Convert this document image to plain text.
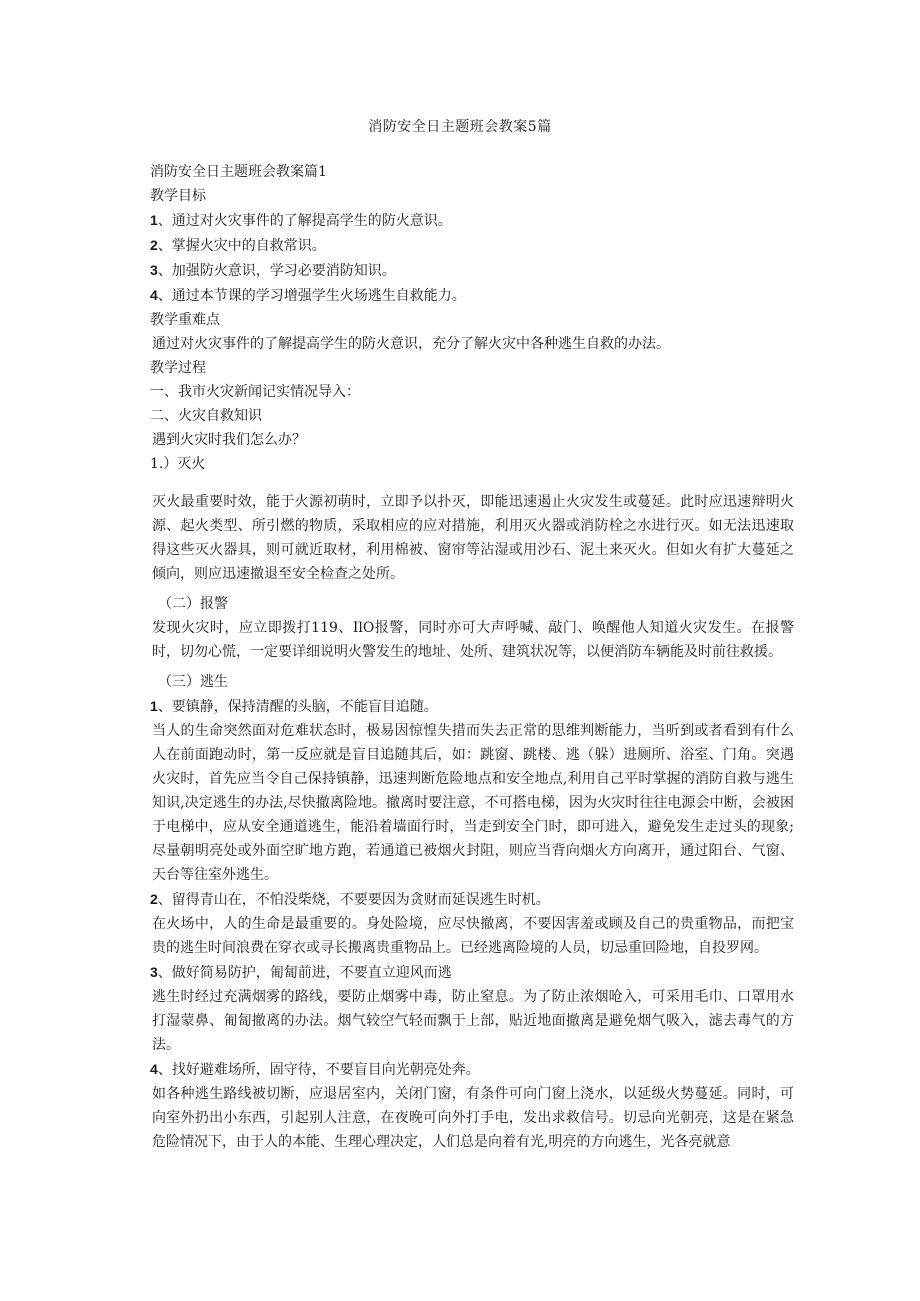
消防安全日主题班会教案5篇

消防安全日主题班会教案篇1

教学目标

1、通过对火灾事件的了解提高学生的防火意识。

2、掌握火灾中的自救常识。

3、加强防火意识，学习必要消防知识。

4、通过本节课的学习增强学生火场逃生自救能力。

教学重难点

通过对火灾事件的了解提高学生的防火意识，充分了解火灾中各种逃生自救的办法。

教学过程

一、我市火灾新闻记实情况导入：

二、火灾自救知识

遇到火灾时我们怎么办？

1.）灭火

灭火最重要时效，能于火源初萌时，立即予以扑灭，即能迅速遏止火灾发生或蔓延。此时应迅速辩明火源、起火类型、所引燃的物质，采取相应的应对措施，利用灭火器或消防栓之水进行灭。如无法迅速取得这些灭火器具，则可就近取材，利用棉被、窗帘等沾湿或用沙石、泥土来灭火。但如火有扩大蔓延之倾向，则应迅速撤退至安全检查之处所。

（二）报警

发现火灾时，应立即拨打119、IlO报警，同时亦可大声呼喊、敲门、唤醒他人知道火灾发生。在报警时，切勿心慌，一定要详细说明火警发生的地址、处所、建筑状况等，以便消防车辆能及时前往救援。

（三）逃生

1、要镇静，保持清醒的头脑，不能盲目追随。

当人的生命突然面对危难状态时，极易因惊惶失措而失去正常的思维判断能力，当听到或者看到有什么人在前面跑动时，第一反应就是盲目追随其后，如：跳窗、跳楼、逃（躲）进厕所、浴室、门角。突遇火灾时，首先应当令自己保持镇静，迅速判断危险地点和安全地点,利用自己平时掌握的消防自救与逃生知识,决定逃生的办法,尽快撤离险地。撤离时要注意，不可搭电梯，因为火灾时往往电源会中断，会被困于电梯中，应从安全通道逃生，能沿着墙面行时，当走到安全门时，即可进入，避免发生走过头的现象;尽量朝明亮处或外面空旷地方跑，若通道已被烟火封阻，则应当背向烟火方向离开，通过阳台、气窗、天台等往室外逃生。

2、留得青山在，不怕没柴烧，不要要因为贪财而延误逃生时机。

在火场中，人的生命是最重要的。身处险境，应尽快撤离，不要因害羞或顾及自己的贵重物品，而把宝贵的逃生时间浪费在穿衣或寻长搬离贵重物品上。已经逃离险境的人员，切忌重回险地，自投罗网。

3、做好简易防护，匍匐前进，不要直立迎风而逃

逃生时经过充满烟雾的路线，要防止烟雾中毒，防止窒息。为了防止浓烟呛入，可采用毛巾、口罩用水打湿蒙鼻、匍匐撤离的办法。烟气较空气轻而飘于上部，贴近地面撤离是避免烟气吸入，滤去毒气的方法。

4、找好避难场所，固守待，不要盲目向光朝亮处奔。

如各种逃生路线被切断，应退居室内，关闭门窗，有条件可向门窗上浇水，以延级火势蔓延。同时，可向室外扔出小东西，引起别人注意，在夜晚可向外打手电，发出求救信号。切忌向光朝亮，这是在紧急危险情况下，由于人的本能、生理心理决定，人们总是向着有光,明亮的方向逃生，光各亮就意
